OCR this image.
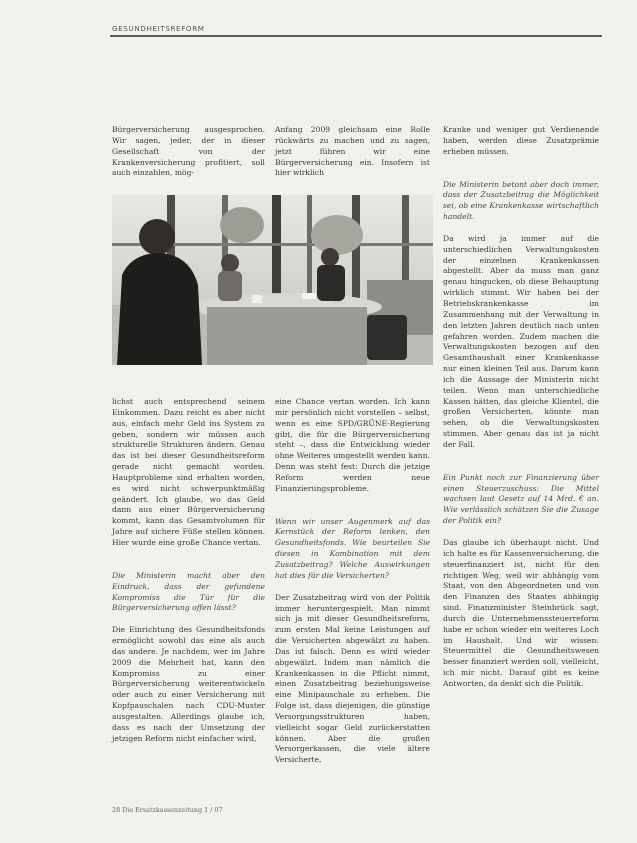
GESUNDHEITSREFORM

Bürgerversicherung ausgesprochen. Wir sagen, jeder, der in dieser Gesellschaft von der Krankenversicherung profitiert, soll auch einzahlen, mög-

Anfang 2009 gleichsam eine Rolle rückwärts zu machen und zu sagen, jetzt führen wir eine Bürgerversicherung ein. Insofern ist hier wirklich

lichst auch entsprechend seinem Einkommen. Dazu reicht es aber nicht aus, einfach mehr Geld ins System zu geben, sondern wir müssen auch strukturelle Strukturen ändern. Genau das ist bei dieser Gesundheitsreform gerade nicht gemacht worden. Hauptprobleme sind erhalten worden, es wird nicht schwerpunktmäßig geändert. Ich glaube, wo das Geld dann aus einer Bürgerversicherung kommt, kann das Gesamtvolumen für Jahre auf sichere Füße stellen können. Hier wurde eine große Chance vertan.

Die Ministerin macht aber den Eindruck, dass der gefundene Kompromiss die Tür für die Bürgerversicherung offen lässt?

Die Einrichtung des Gesundheitsfonds ermöglicht sowohl das eine als auch das andere. Je nachdem, wer im Jahre 2009 die Mehrheit hat, kann den Kompromiss zu einer Bürgerversicherung weiterentwickeln oder auch zu einer Versicherung mit Kopfpauschalen nach CDU-Muster ausgestalten. Allerdings glaube ich, dass es nach der Umsetzung der jetzigen Reform nicht einfacher wird,

eine Chance vertan worden. Ich kann mir persönlich nicht vorstellen – selbst, wenn es eine SPD/GRÜNE-Regierung gibt, die für die Bürgerversicherung steht –, dass die Entwicklung wieder ohne Weiteres umgestellt werden kann. Denn was steht fest: Durch die jetzige Reform werden neue Finanzierungsprobleme.

Wenn wir unser Augenmerk auf das Kernstück der Reform lenken, den Gesundheitsfonds. Wie beurteilen Sie diesen in Kombination mit dem Zusatzbeitrag? Welche Auswirkungen hat dies für die Versicherten?

Der Zusatzbeitrag wird von der Politik immer heruntergespielt. Man nimmt sich ja mit dieser Gesundheitsreform, zum ersten Mal keine Leistungen auf die Versicherten abgewälzt zu haben. Das ist falsch. Denn es wird wieder abgewälzt. Indem man nämlich die Krankenkassen in die Pflicht nimmt, einen Zusatzbeitrag beziehungsweise eine Minipauschale zu erheben. Die Folge ist, dass diejenigen, die günstige Versorgungsstrukturen haben, vielleicht sogar Geld zurückerstatten können. Aber die großen Versorgerkassen, die viele ältere Versicherte,

Kranke und weniger gut Verdienende haben, werden diese Zusatzprämie erheben müssen.

Die Ministerin betont aber doch immer, dass der Zusatzbeitrag die Möglichkeit sei, ob eine Krankenkasse wirtschaftlich handelt.

Da wird ja immer auf die unterschiedlichen Verwaltungskosten der einzelnen Krankenkassen abgestellt. Aber da muss man ganz genau hingucken, ob diese Behauptung wirklich stimmt. Wir haben bei der Betriebskrankenkasse im Zusammenhang mit der Verwaltung in den letzten Jahren deutlich nach unten gefahren worden. Zudem machen die Verwaltungskosten bezogen auf den Gesamthaushalt einer Krankenkasse nur einen kleinen Teil aus. Darum kann ich die Aussage der Ministerin nicht teilen. Wenn man unterschiedliche Kassen hätten, das gleiche Klientel, die großen Versicherten, könnte man sehen, ob die Verwaltungskosten stimmen. Aber genau das ist ja nicht der Fall.

Ein Punkt noch zur Finanzierung über einen Steuerzuschuss: Die Mittel wachsen laut Gesetz auf 14 Mrd. € an. Wie verlässlich schätzen Sie die Zusage der Politik ein?

Das glaube ich überhaupt nicht. Und ich halte es für Kassenversicherung, die steuerfinanziert ist, nicht für den richtigen Weg, weil wir abhängig vom Staat, von den Abgeordneten und von den Finanzen des Staates abhängig sind. Finanzminister Steinbrück sagt, durch die Unternehmenssteuerreform habe er schon wieder ein weiteres Loch im Haushalt. Und wir wissen: Steuermittel die Gesundheitswesen besser finanziert werden soll, vielleicht, ich mir nicht. Darauf gibt es keine Antworten, da denkt sich die Politik.

28 Die Ersatzkassenzeitung 1 / 07
